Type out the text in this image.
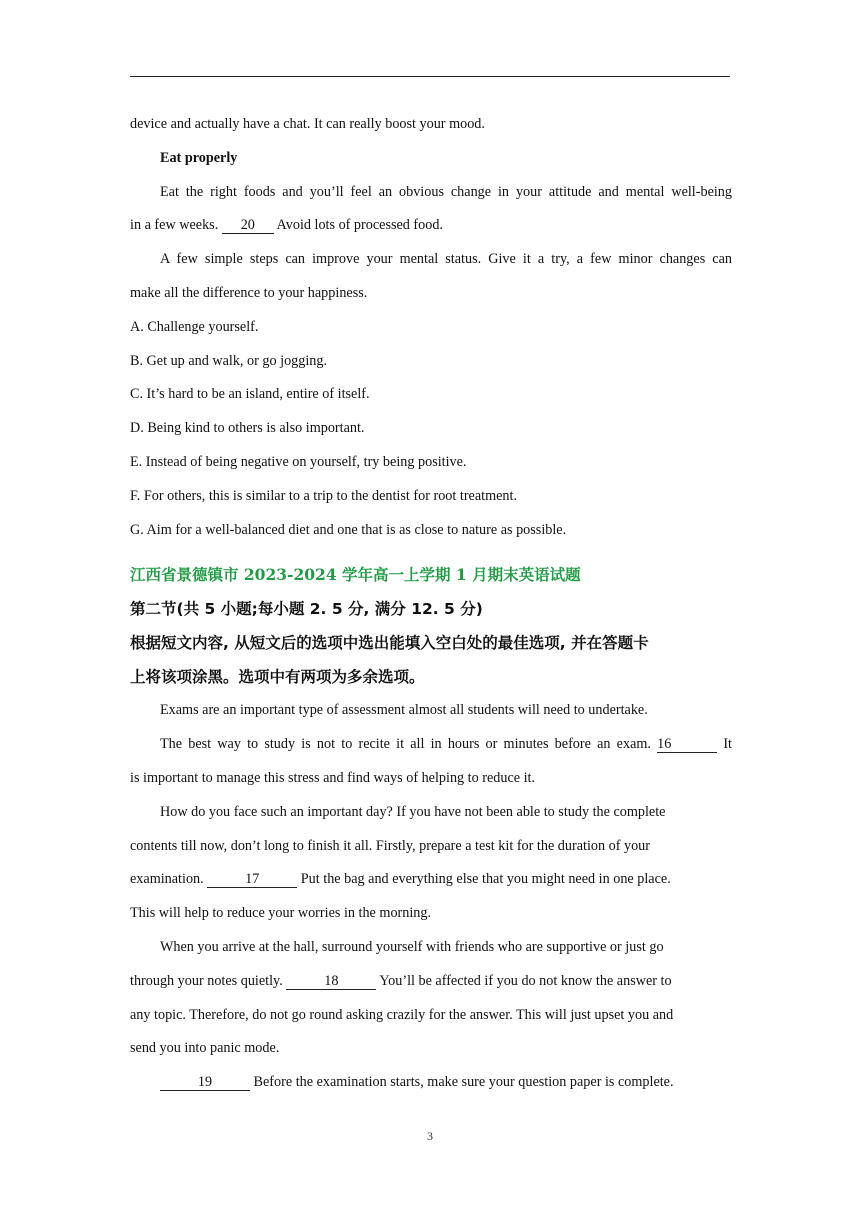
device and actually have a chat. It can really boost your mood.
Eat properly
Eat the right foods and you’ll feel an obvious change in your attitude and mental well-being
in a few weeks. 20 Avoid lots of processed food.
A few simple steps can improve your mental status. Give it a try, a few minor changes can
make all the difference to your happiness.
A. Challenge yourself.
B. Get up and walk, or go jogging.
C. It’s hard to be an island, entire of itself.
D. Being kind to others is also important.
E. Instead of being negative on yourself, try being positive.
F. For others, this is similar to a trip to the dentist for root treatment.
G. Aim for a well-balanced diet and one that is as close to nature as possible.
江西省景德镇市 2023-2024 学年高一上学期 1 月期末英语试题
第二节(共 5 小题;每小题 2. 5 分, 满分 12. 5 分)
根据短文内容, 从短文后的选项中选出能填入空白处的最佳选项, 并在答题卡
上将该项涂黑。选项中有两项为多余选项。
Exams are an important type of assessment almost all students will need to undertake.
The best way to study is not to recite it all in hours or minutes before an exam. 16	It
is important to manage this stress and find ways of helping to reduce it.
How do you face such an important day? If you have not been able to study the complete
contents till now, don’t long to finish it all. Firstly, prepare a test kit for the duration of your
examination.	17	Put the bag and everything else that you might need in one place.
This will help to reduce your worries in the morning.
When you arrive at the hall, surround yourself with friends who are supportive or just go
through your notes quietly.	18	You’ll be affected if you do not know the answer to
any topic. Therefore, do not go round asking crazily for the answer. This will just upset you and
send you into panic mode.
19	Before the examination starts, make sure your question paper is complete.
3
